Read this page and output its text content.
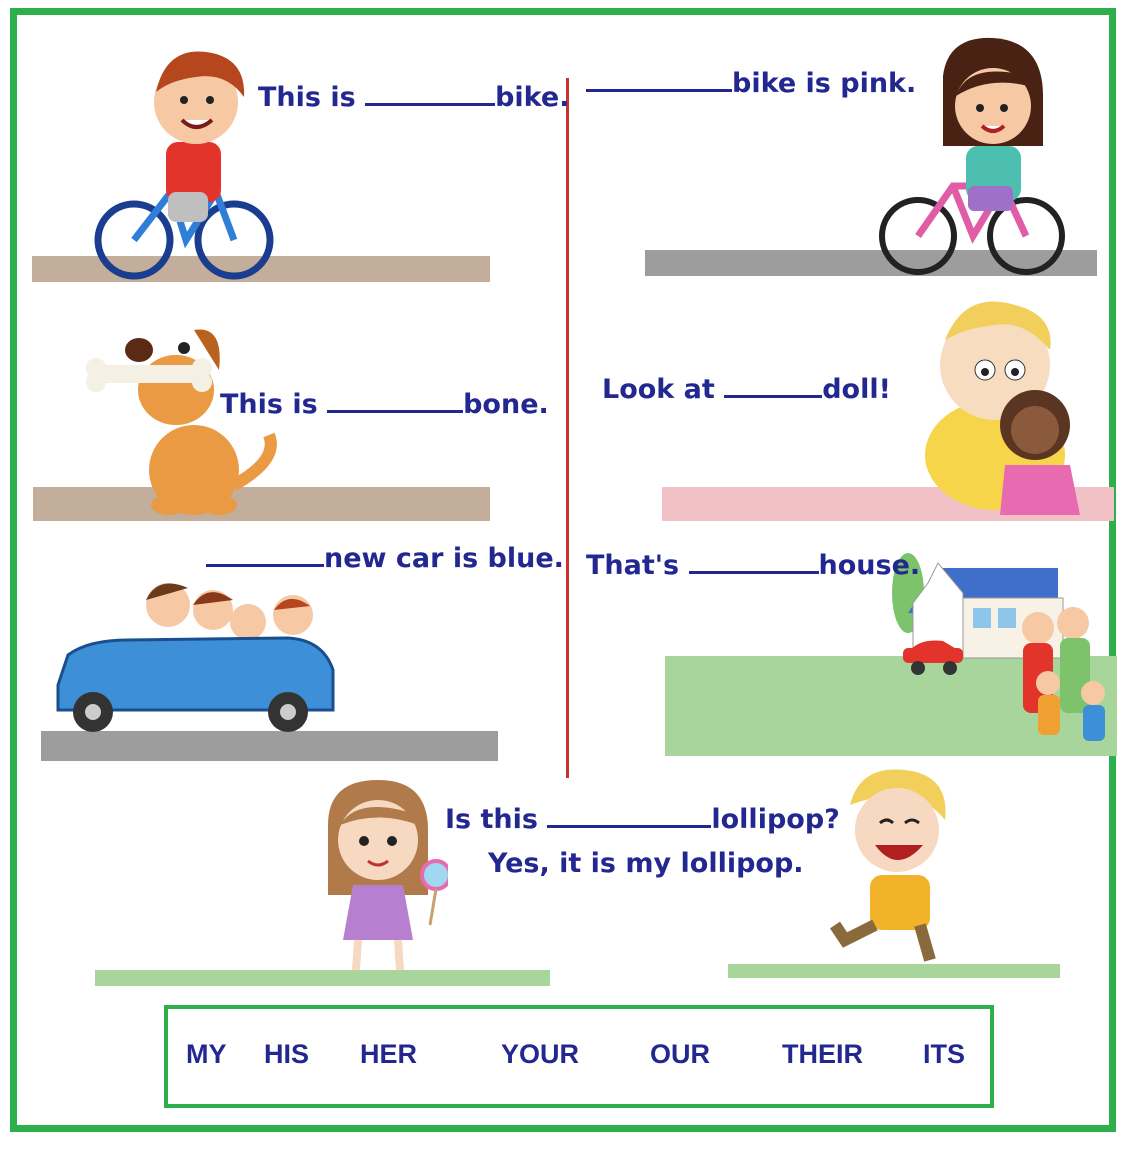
This is	bike.	bike is pink.
This is	bone. Look at	doll!
new car is blue. That's	house.
Is this	lollipop?
Yes, it is my lollipop.
MY HIS HER	YOUR	OUR	THEIR ITS
